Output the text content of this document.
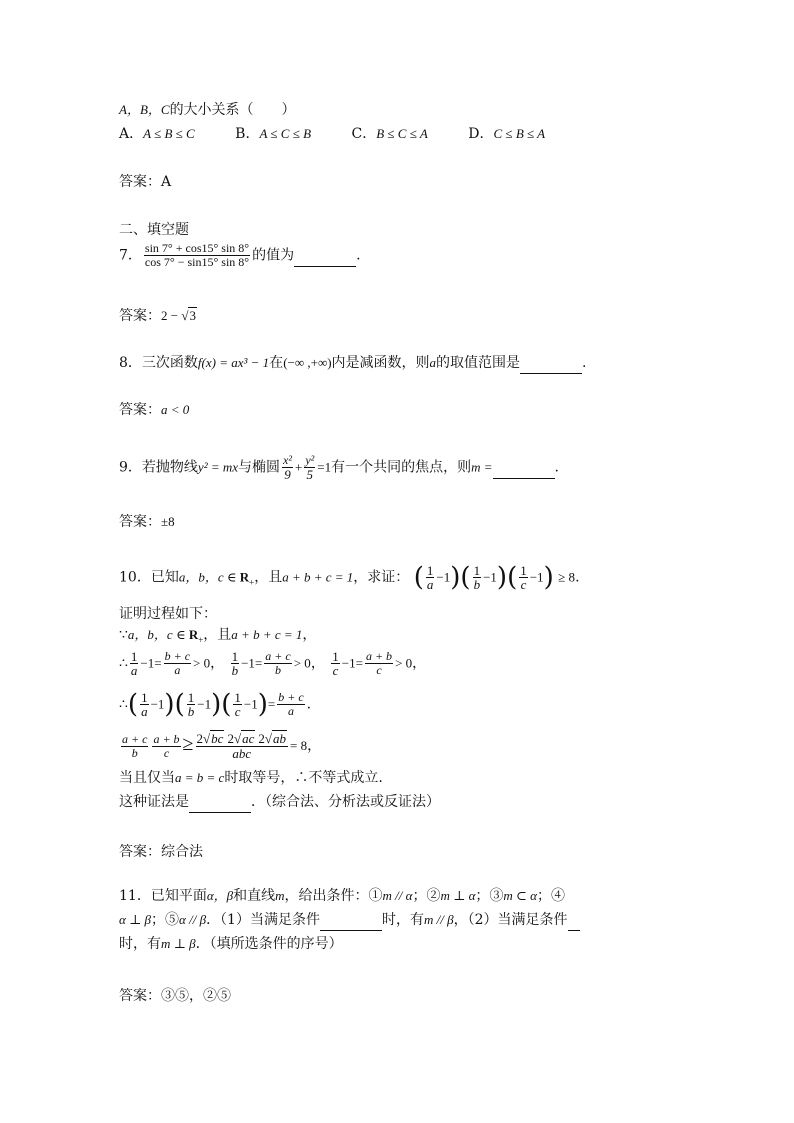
A，B，C的大小关系（　　）
A．A ≤ B ≤ C	B．A ≤ C ≤ B	C．B ≤ C ≤ A	D．C ≤ B ≤ A
答案：A
二、填空题
7． $\frac{\sin 7^\circ + \cos 15^\circ \sin 8^\circ}{\cos 7^\circ - \sin 15^\circ \sin 8^\circ}$ 的值为	.
答案：2 − √3
8．三次函数f(x) = ax³ − 1在(−∞ ,+∞)内是减函数，则a的取值范围是	.
答案：a < 0
9．若抛物线y² = mx与椭圆 $\frac{\text{x²}}{9} + \frac{\text{y²}}{5} =1$有一个共同的焦点，则m =	.
答案：±8
10．已知a，b，c ∈ $R_+$，且a + b + c = 1，求证： ( $\frac{1}{a} -1)( \frac{1}{b} -1)( \frac{1}{c} -1) \ge 8$.
证明过程如下：
∵a，b，c ∈ $R_+$，且a + b + c = 1，
∴ $\frac{1}{a} -1= \frac{b + c}{a} > 0$， $\frac{1}{b} -1= \frac{a + c}{b} > 0$， $\frac{1}{c} -1= \frac{a + b}{c} > 0$，
∴( $\frac{1}{a} -1)( \frac{1}{b} -1)( \frac{1}{c} -1)= \frac{b + c}{a}$ .
$\frac{a + c}{b} \frac{a + b}{c} \ge \frac{2√bc 2√ac 2√ab}{\text{abc}} = 8$，
当且仅当a = b = c时取等号，∴不等式成立.
这种证法是	．（综合法、分析法或反证法）
答案：综合法
11．已知平面α，β和直线m，给出条件：①m // α；②m ⊥ α；③m ⊂ α；④
α ⊥ β；⑤α // β．（1）当满足条件	时，有m // β，（2）当满足条件
时，有m ⊥ β．（填所选条件的序号）
答案：③⑤，②⑤
